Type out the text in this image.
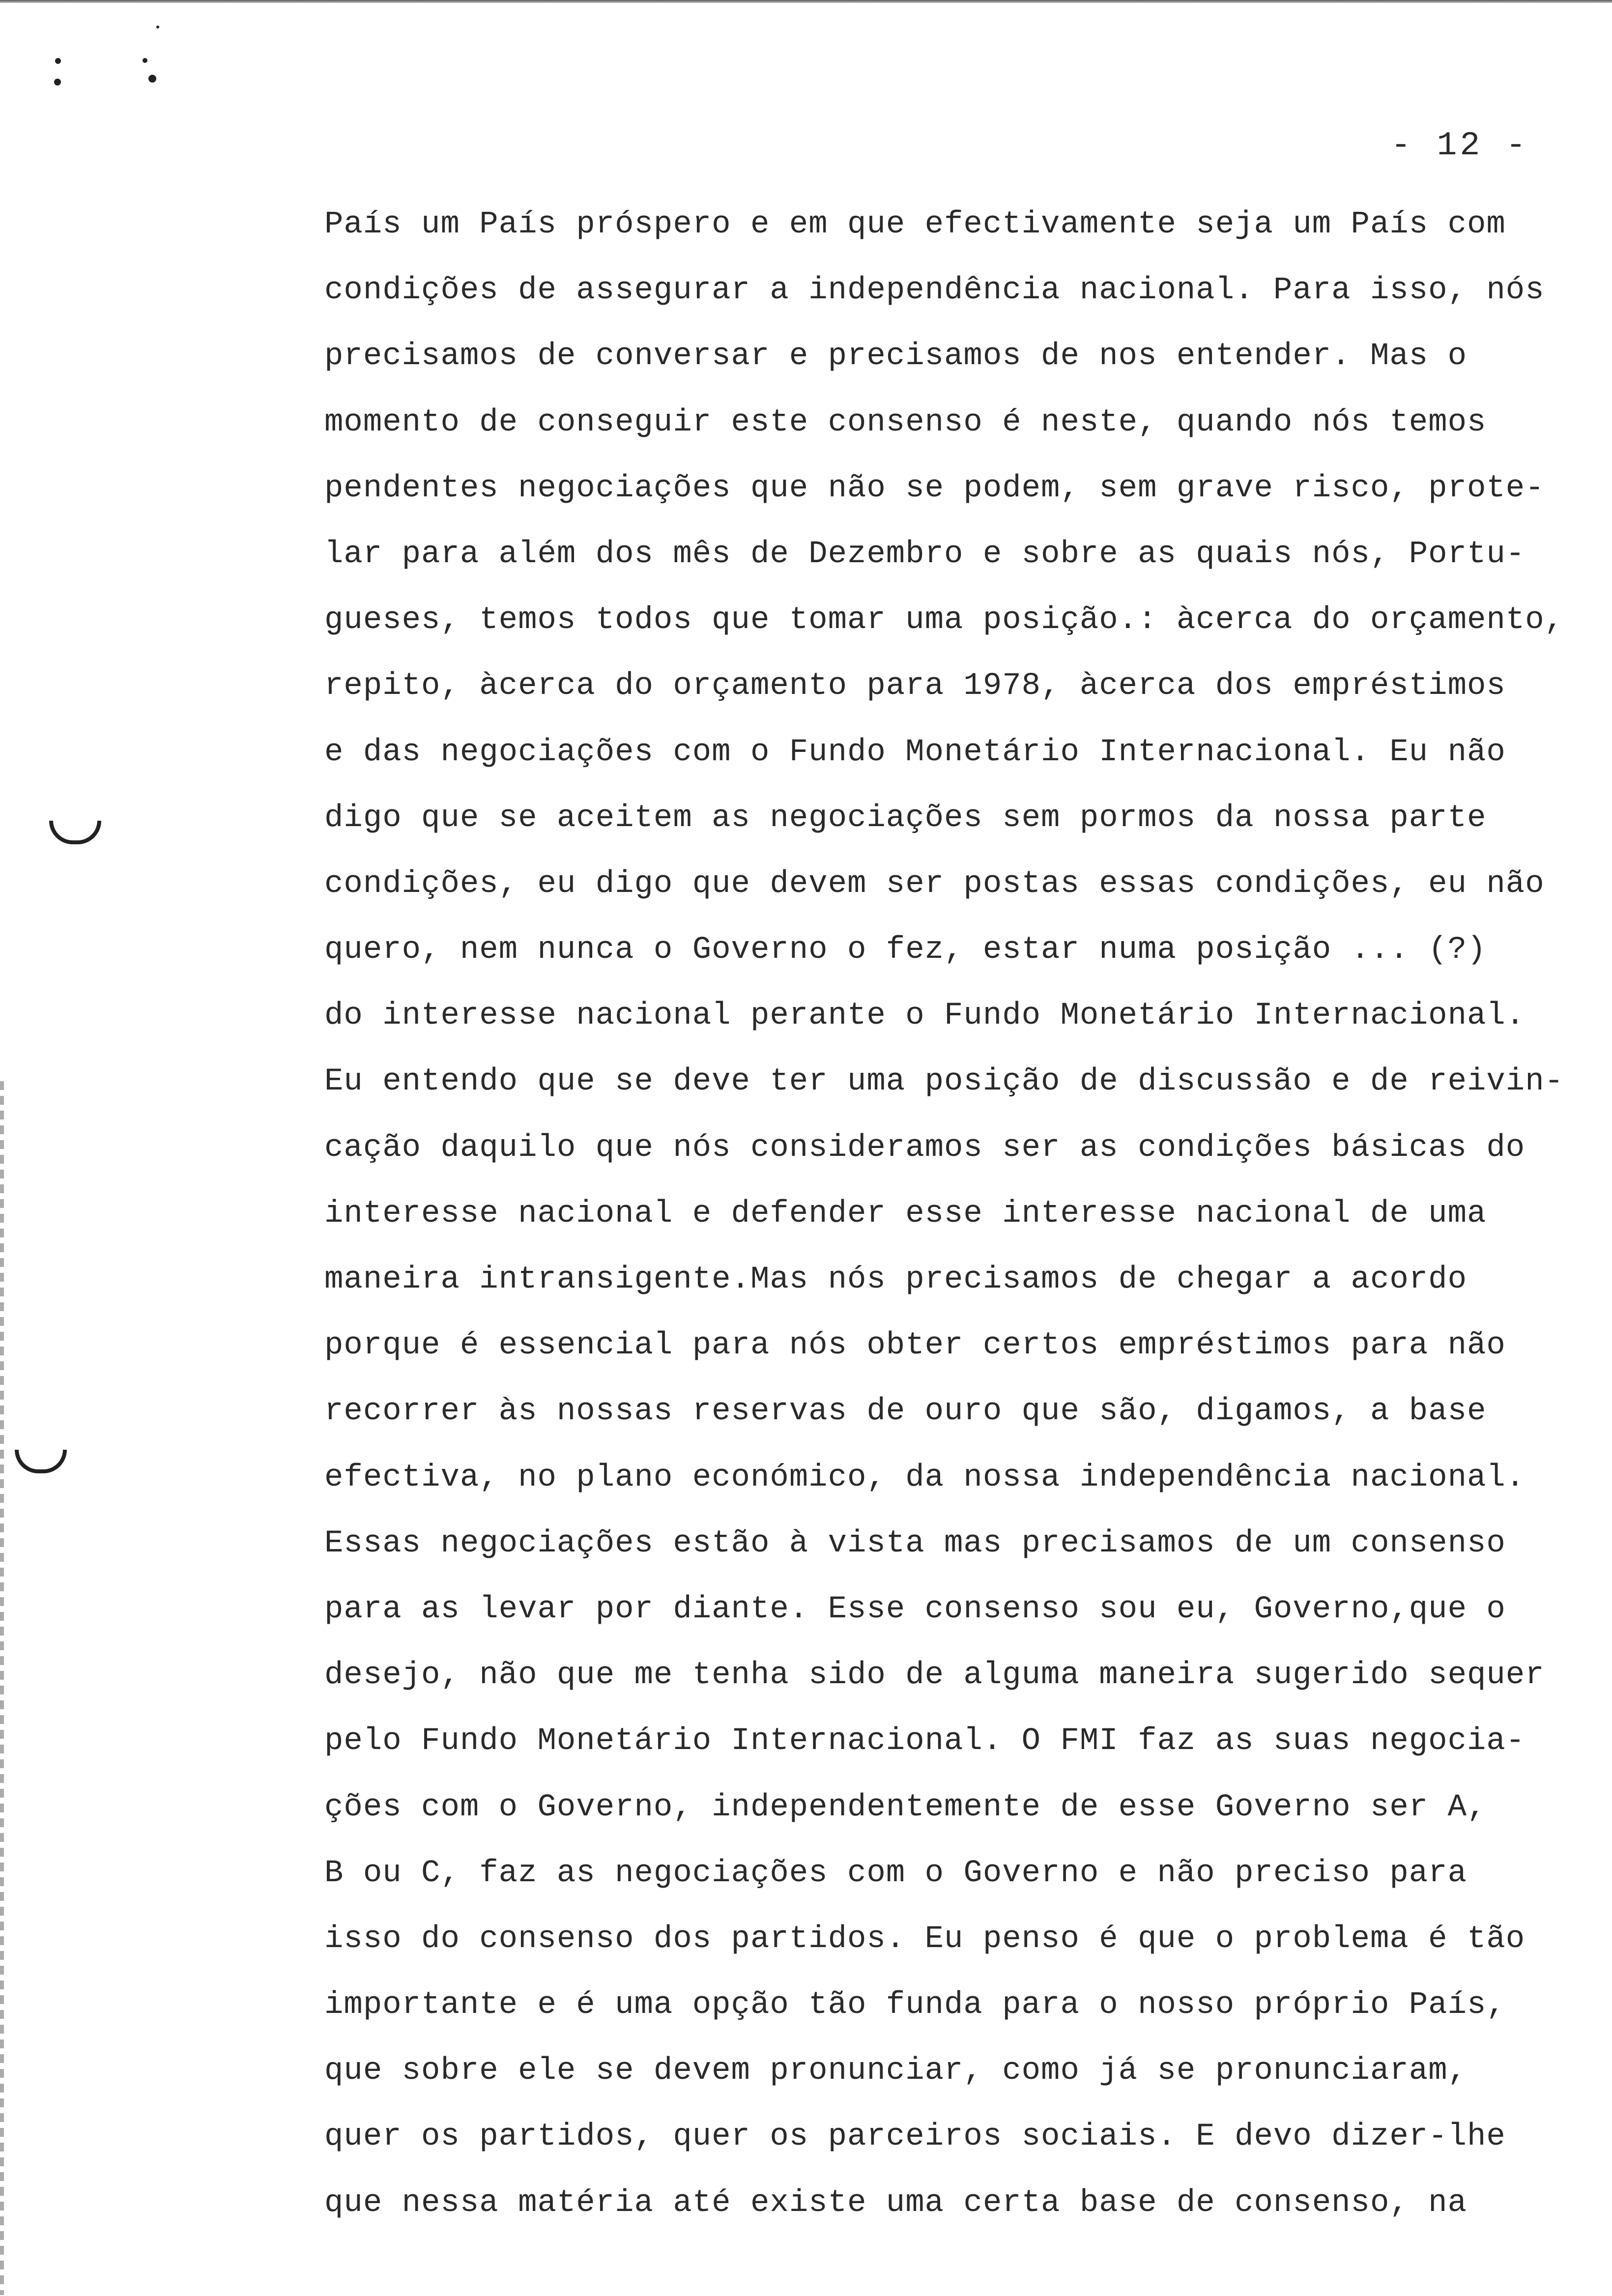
- 12 -
País um País próspero e em que efectivamente seja um País com
condições de assegurar a independência nacional. Para isso, nós
precisamos de conversar e precisamos de nos entender. Mas o
momento de conseguir este consenso é neste, quando nós temos
pendentes negociações que não se podem, sem grave risco, prote-
lar para além dos mês de Dezembro e sobre as quais nós, Portu-
gueses, temos todos que tomar uma posição.: àcerca do orçamento,
repito, àcerca do orçamento para 1978, àcerca dos empréstimos
e das negociações com o Fundo Monetário Internacional. Eu não
digo que se aceitem as negociações sem pormos da nossa parte
condições, eu digo que devem ser postas essas condições, eu não
quero, nem nunca o Governo o fez, estar numa posição ... (?)
do interesse nacional perante o Fundo Monetário Internacional.
Eu entendo que se deve ter uma posição de discussão e de reivin-
cação daquilo que nós consideramos ser as condições básicas do
interesse nacional e defender esse interesse nacional de uma
maneira intransigente.Mas nós precisamos de chegar a acordo
porque é essencial para nós obter certos empréstimos para não
recorrer às nossas reservas de ouro que são, digamos, a base
efectiva, no plano económico, da nossa independência nacional.
Essas negociações estão à vista mas precisamos de um consenso
para as levar por diante. Esse consenso sou eu, Governo,que o
desejo, não que me tenha sido de alguma maneira sugerido sequer
pelo Fundo Monetário Internacional. O FMI faz as suas negocia-
ções com o Governo, independentemente de esse Governo ser A,
B ou C, faz as negociações com o Governo e não preciso para
isso do consenso dos partidos. Eu penso é que o problema é tão
importante e é uma opção tão funda para o nosso próprio País,
que sobre ele se devem pronunciar, como já se pronunciaram,
quer os partidos, quer os parceiros sociais. E devo dizer-lhe
que nessa matéria até existe uma certa base de consenso, na
